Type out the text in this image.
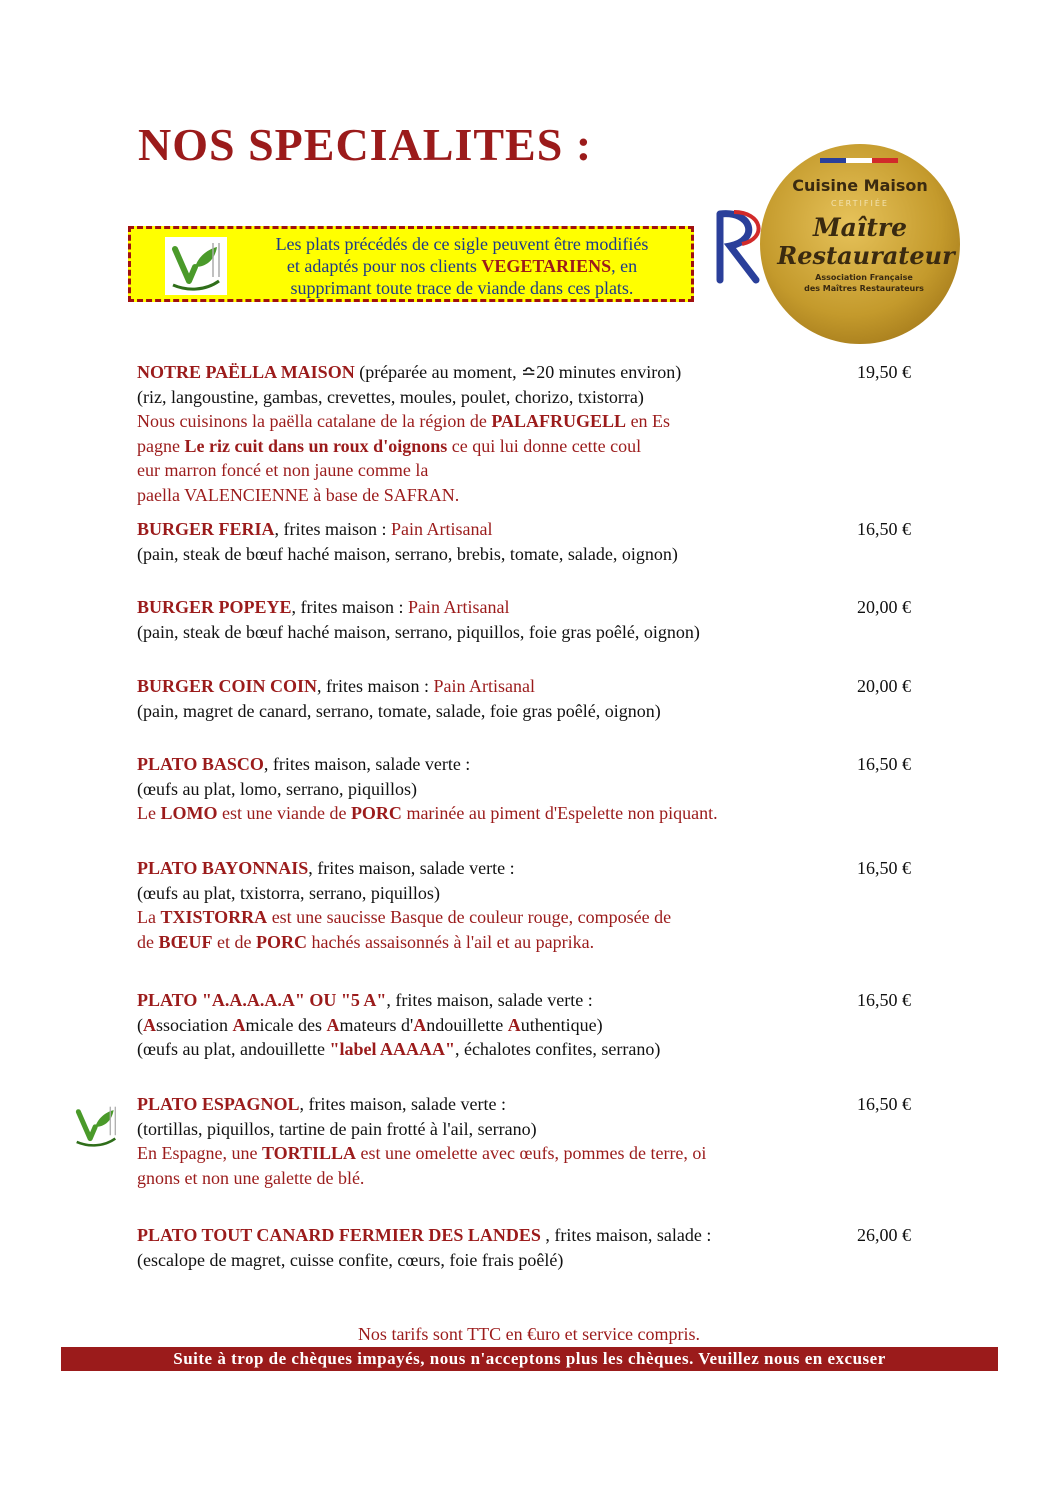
NOS SPECIALITES :
Les plats précédés de ce sigle peuvent être modifiés
et adaptés pour nos clients VEGETARIENS, en
supprimant toute trace de viande dans ces plats.
Cuisine Maison
CERTIFIÉE
Maître
Restaurateur
Association Française
des Maîtres Restaurateurs
NOTRE PAËLLA MAISON (préparée au moment, ≏20 minutes environ)	19,50 €
(riz, langoustine, gambas, crevettes, moules, poulet, chorizo, txistorra)
Nous cuisinons la paëlla catalane de la région de PALAFRUGELL en Es
pagne Le riz cuit dans un roux d'oignons ce qui lui donne cette coul
eur marron foncé et non jaune comme la
paella VALENCIENNE à base de SAFRAN.
BURGER FERIA, frites maison : Pain Artisanal	16,50 €
(pain, steak de bœuf haché maison, serrano, brebis, tomate, salade, oignon)
BURGER POPEYE, frites maison : Pain Artisanal	20,00 €
(pain, steak de bœuf haché maison, serrano, piquillos, foie gras poêlé, oignon)
BURGER COIN COIN, frites maison : Pain Artisanal	20,00 €
(pain, magret de canard, serrano, tomate, salade, foie gras poêlé, oignon)
PLATO BASCO, frites maison, salade verte :	16,50 €
(œufs au plat, lomo, serrano, piquillos)
Le LOMO est une viande de PORC marinée au piment d'Espelette non piquant.
PLATO BAYONNAIS, frites maison, salade verte :	16,50 €
(œufs au plat, txistorra, serrano, piquillos)
La TXISTORRA est une saucisse Basque de couleur rouge, composée de
de BŒUF et de PORC hachés assaisonnés à l'ail et au paprika.
PLATO "A.A.A.A.A" OU "5 A", frites maison, salade verte :	16,50 €
(Association Amicale des Amateurs d'Andouillette Authentique)
(œufs au plat, andouillette "label AAAAA", échalotes confites, serrano)
PLATO ESPAGNOL, frites maison, salade verte :	16,50 €
(tortillas, piquillos, tartine de pain frotté à l'ail, serrano)
En Espagne, une TORTILLA est une omelette avec œufs, pommes de terre, oi
gnons et non une galette de blé.
PLATO TOUT CANARD FERMIER DES LANDES , frites maison, salade :	26,00 €
(escalope de magret, cuisse confite, cœurs, foie frais poêlé)
Nos tarifs sont TTC en €uro et service compris.
Suite à trop de chèques impayés, nous n'acceptons plus les chèques. Veuillez nous en excuser
